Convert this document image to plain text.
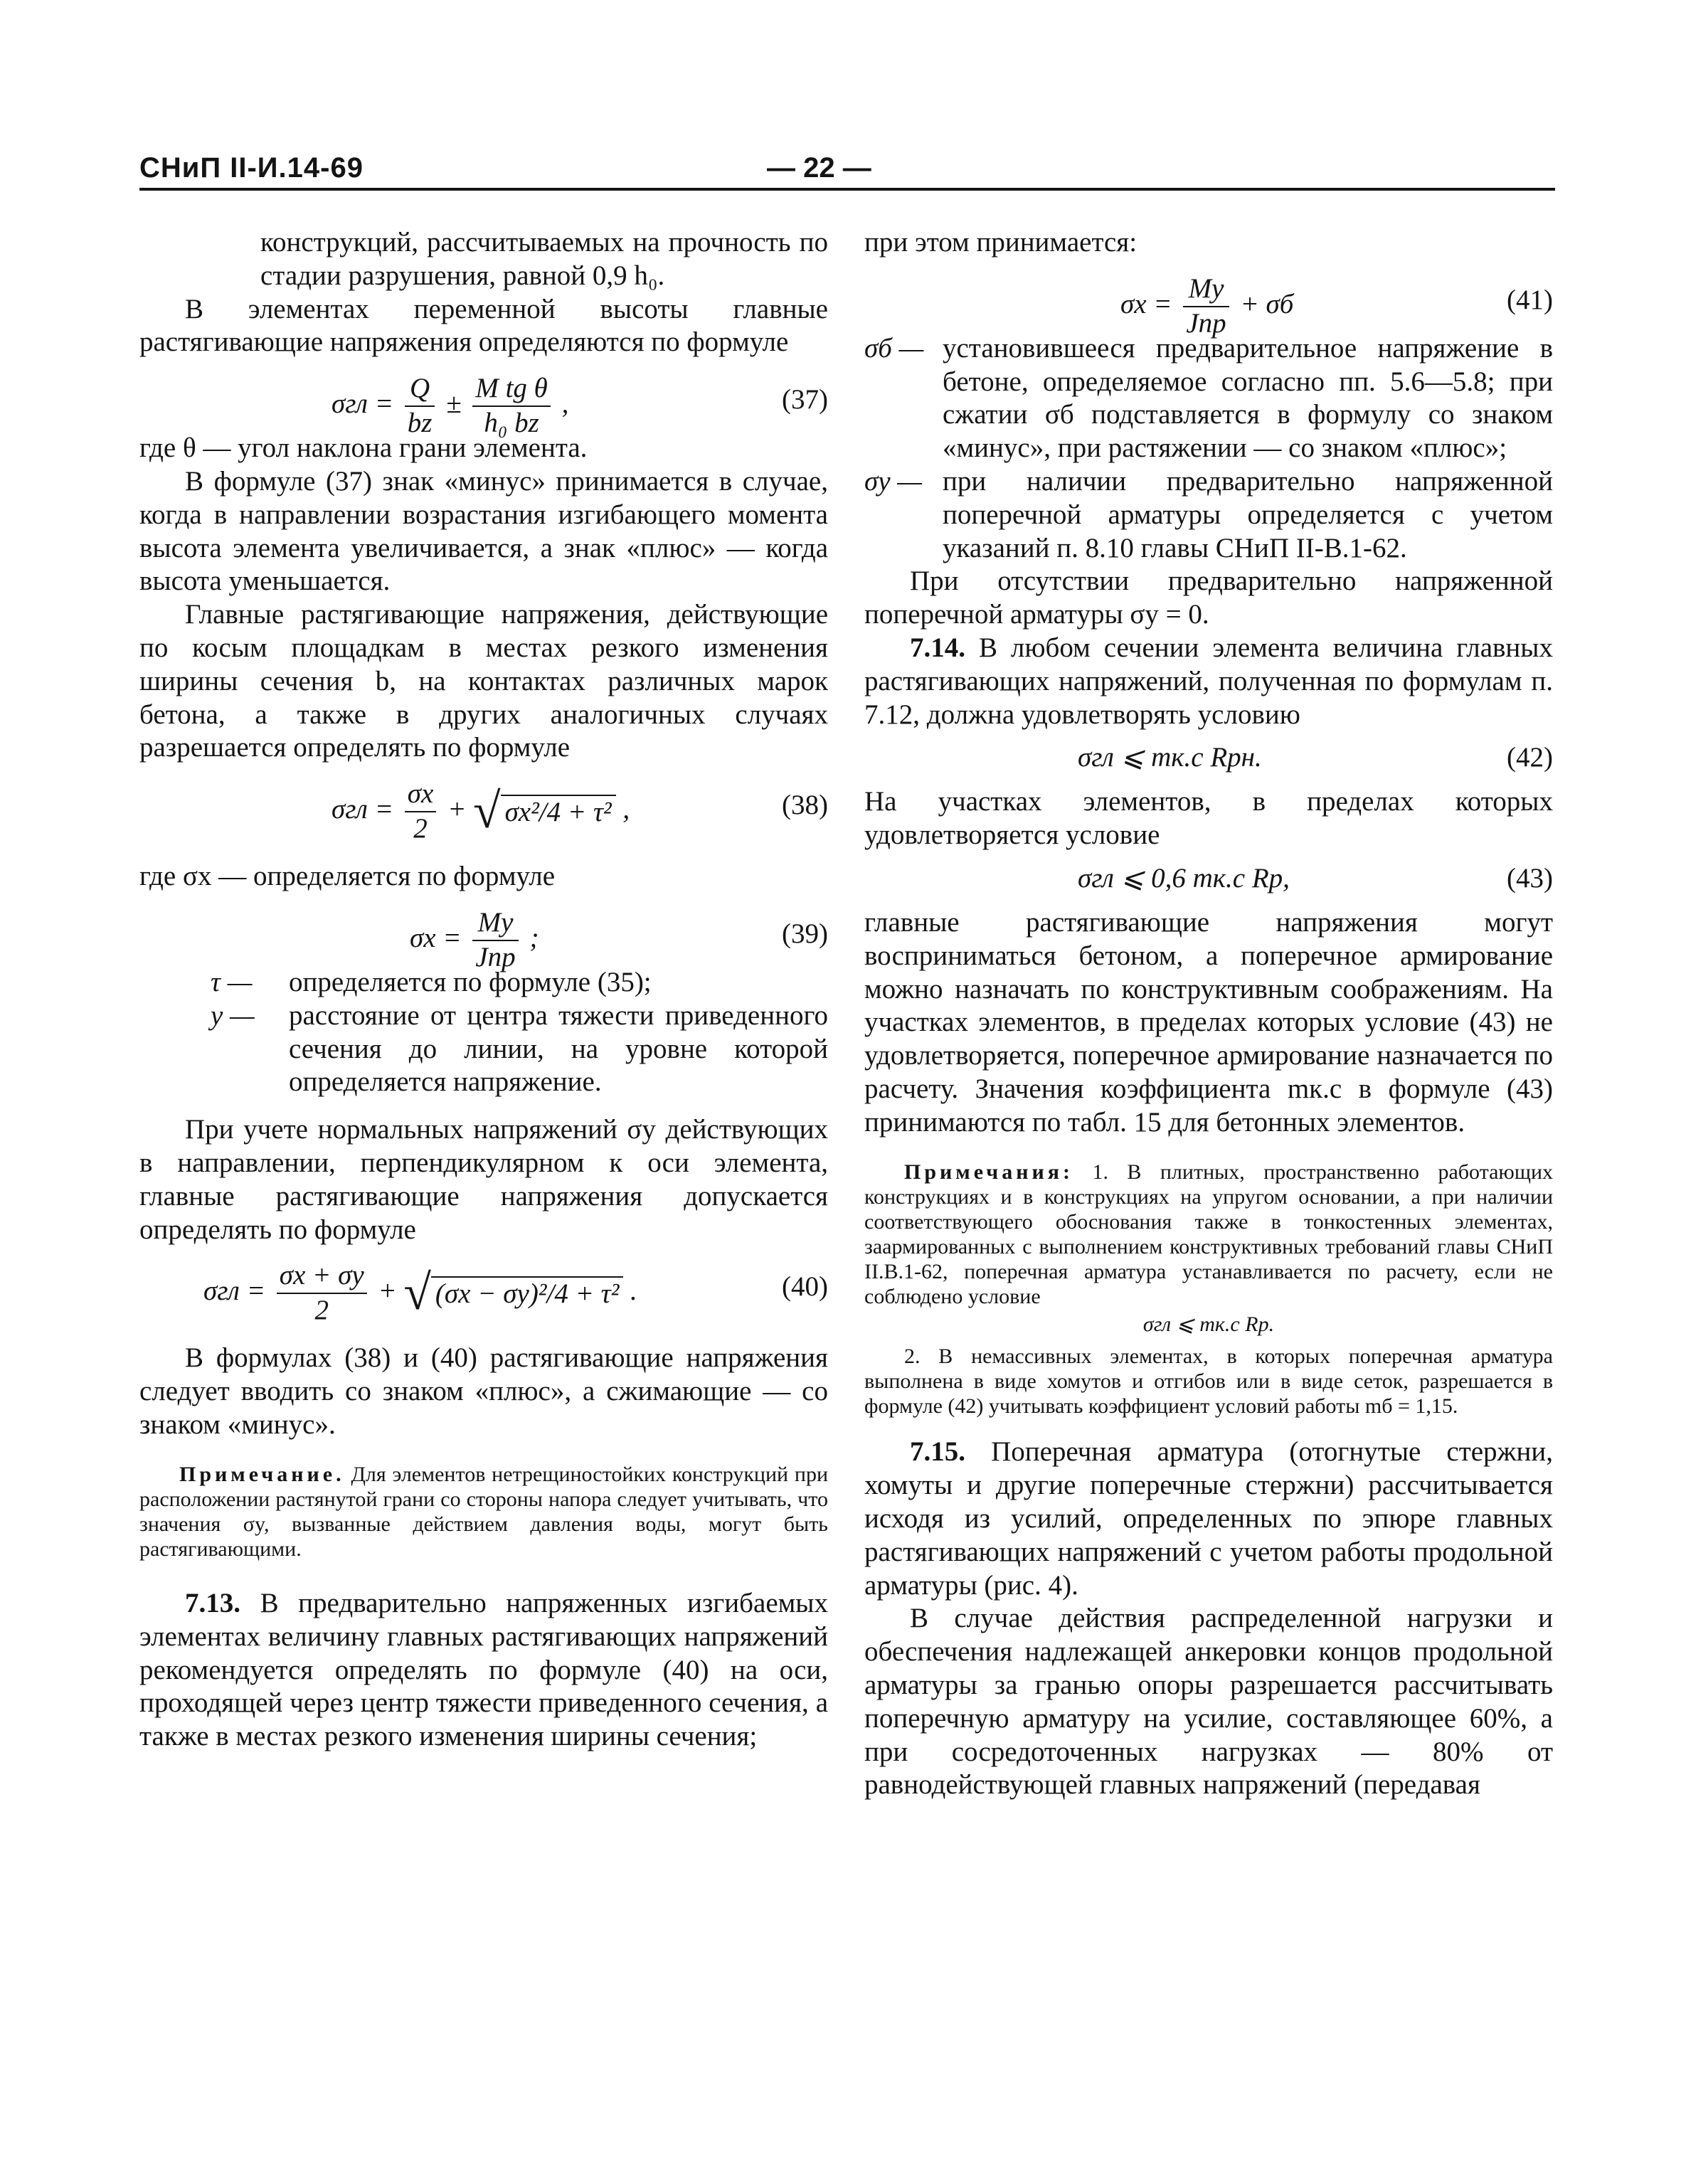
СНиП II-И.14-69	— 22 —

конструкций, рассчитываемых на прочность по стадии разрушения, равной 0,9 h₀.

В элементах переменной высоты главные растягивающие напряжения определяются по формуле

$\sigma гл = \frac{Q}{bz} \pm \frac{\text{M tg θ}}{\text{h₀ bz}}$ ,	(37)

где θ — угол наклона грани элемента.

В формуле (37) знак «минус» принимается в случае, когда в направлении возрастания изгибающего момента высота элемента увеличивается, а знак «плюс» — когда высота уменьшается.

Главные растягивающие напряжения, действующие по косым площадкам в местах резкого изменения ширины сечения b, на контактах различных марок бетона, а также в других аналогичных случаях разрешается определять по формуле

$\sigma гл = \frac{\sigma x}{2}$ + √ σx²/4 + τ² ,	(38)

где σx — определяется по формуле

$\sigma x = \frac{My}{\text{Jпр}}$ ;	(39)
τ —	определяется по формуле (35);
y —	расстояние от центра тяжести приведенного сечения до линии, на уровне которой определяется напряжение.

При учете нормальных напряжений σy действующих в направлении, перпендикулярном к оси элемента, главные растягивающие напряжения допускается определять по формуле

$\sigma гл = \frac{\sigma x + \sigma y}{2}$ + √ (σx − σy)²/4 + τ² .	(40)

В формулах (38) и (40) растягивающие напряжения следует вводить со знаком «плюс», а сжимающие — со знаком «минус».

Примечание. Для элементов нетрещиностойких конструкций при расположении растянутой грани со стороны напора следует учитывать, что значения σy, вызванные действием давления воды, могут быть растягивающими.

7.13. В предварительно напряженных изгибаемых элементах величину главных растягивающих напряжений рекомендуется определять по формуле (40) на оси, проходящей через центр тяжести приведенного сечения, а также в местах резкого изменения ширины сечения;

при этом принимается:

$\sigma x = \frac{My}{\text{Jпр}} + \sigma б$	(41)
σб — установившееся предварительное напряжение в бетоне, определяемое согласно пп. 5.6—5.8; при сжатии σб подставляется в формулу со знаком «минус», при растяжении — со знаком «плюс»;
σу — при наличии предварительно напряженной поперечной арматуры определяется с учетом указаний п. 8.10 главы СНиП II-В.1-62.

При отсутствии предварительно напряженной поперечной арматуры σу = 0.

7.14. В любом сечении элемента величина главных растягивающих напряжений, полученная по формулам п. 7.12, должна удовлетворять условию

σгл ⩽ mк.с Rрн.	(42)

На участках элементов, в пределах которых удовлетворяется условие

σгл ⩽ 0,6 mк.с Rр,	(43)

главные растягивающие напряжения могут восприниматься бетоном, а поперечное армирование можно назначать по конструктивным соображениям. На участках элементов, в пределах которых условие (43) не удовлетворяется, поперечное армирование назначается по расчету. Значения коэффициента mк.с в формуле (43) принимаются по табл. 15 для бетонных элементов.

Примечания: 1. В плитных, пространственно работающих конструкциях и в конструкциях на упругом основании, а при наличии соответствующего обоснования также в тонкостенных элементах, заармированных с выполнением конструктивных требований главы СНиП II.В.1-62, поперечная арматура устанавливается по расчету, если не соблюдено условие

σгл ⩽ mк.с Rр.

2. В немассивных элементах, в которых поперечная арматура выполнена в виде хомутов и отгибов или в виде сеток, разрешается в формуле (42) учитывать коэффициент условий работы mб = 1,15.

7.15. Поперечная арматура (отогнутые стержни, хомуты и другие поперечные стержни) рассчитывается исходя из усилий, определенных по эпюре главных растягивающих напряжений с учетом работы продольной арматуры (рис. 4).

В случае действия распределенной нагрузки и обеспечения надлежащей анкеровки концов продольной арматуры за гранью опоры разрешается рассчитывать поперечную арматуру на усилие, составляющее 60%, а при сосредоточенных нагрузках — 80% от равнодействующей главных напряжений (передавая
